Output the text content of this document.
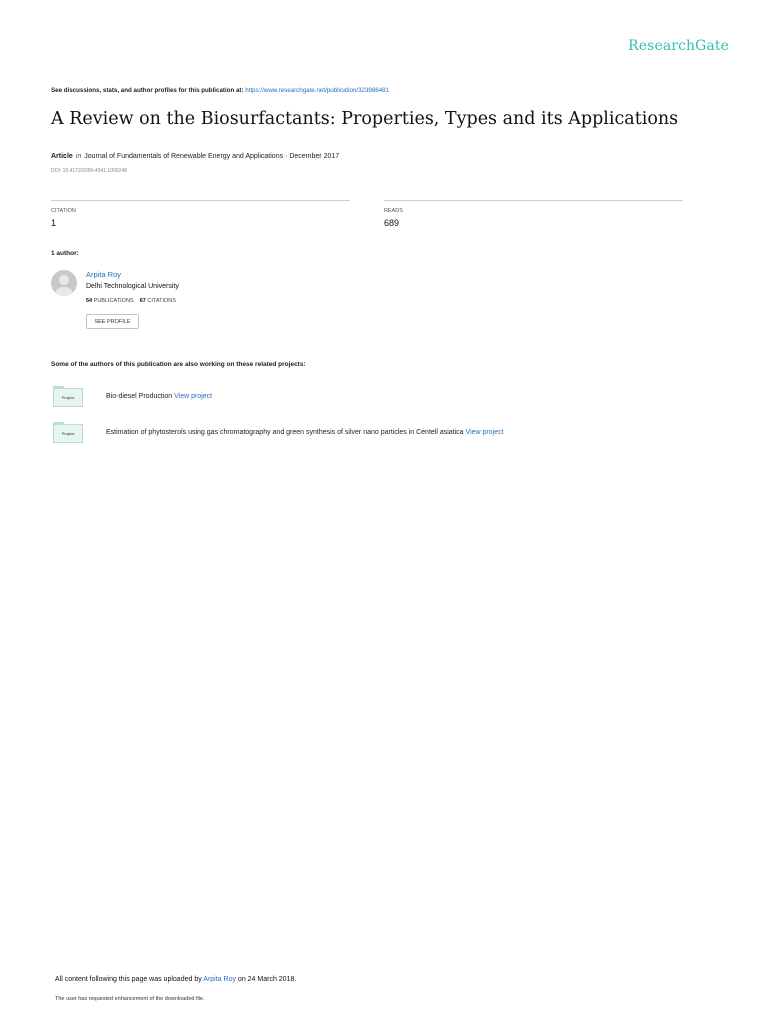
ResearchGate
See discussions, stats, and author profiles for this publication at: https://www.researchgate.net/publication/323986481
A Review on the Biosurfactants: Properties, Types and its Applications
Article in Journal of Fundamentals of Renewable Energy and Applications · December 2017
DOI: 10.4172/2090-4541.1000248
CITATION
1
READS
689
1 author:
Arpita Roy
Delhi Technological University
54 PUBLICATIONS 67 CITATIONS
SEE PROFILE
Some of the authors of this publication are also working on these related projects:
Project	Bio-diesel Production View project
Project	Estimation of phytosterols using gas chromatography and green synthesis of silver nano particles in Centell asiatica View project
All content following this page was uploaded by Arpita Roy on 24 March 2018.
The user has requested enhancement of the downloaded file.
